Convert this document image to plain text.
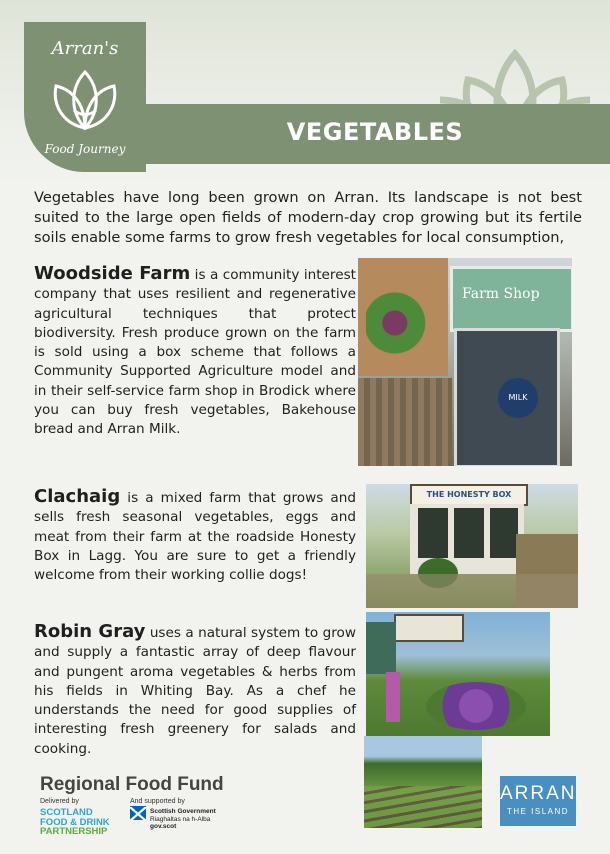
VEGETABLES
Arran's
Food Journey
Vegetables have long been grown on Arran. Its landscape is not best suited to the large open fields of modern-day crop growing but its fertile soils enable some farms to grow fresh vegetables for local consumption,
Woodside Farm is a community interest company that uses resilient and regenerative agricultural techniques that protect biodiversity. Fresh produce grown on the farm is sold using a box scheme that follows a Community Supported Agriculture model and in their self-service farm shop in Brodick where you can buy fresh vegetables, Bakehouse bread and Arran Milk.
Clachaig is a mixed farm that grows and sells fresh seasonal vegetables, eggs and meat from their farm at the roadside Honesty Box in Lagg. You are sure to get a friendly welcome from their working collie dogs!
Robin Gray uses a natural system to grow and supply a fantastic array of deep flavour and pungent aroma vegetables & herbs from his fields in Whiting Bay. As a chef he understands the need for good supplies of interesting fresh greenery for salads and cooking.
Farm Shop
MILK
THE HONESTY BOX
Regional Food Fund
Delivered by
SCOTLAND
FOOD & DRINK
PARTNERSHIP
And supported by
Scottish Government
Riaghaltas na h-Alba
gov.scot
ARRAN
THE ISLAND
